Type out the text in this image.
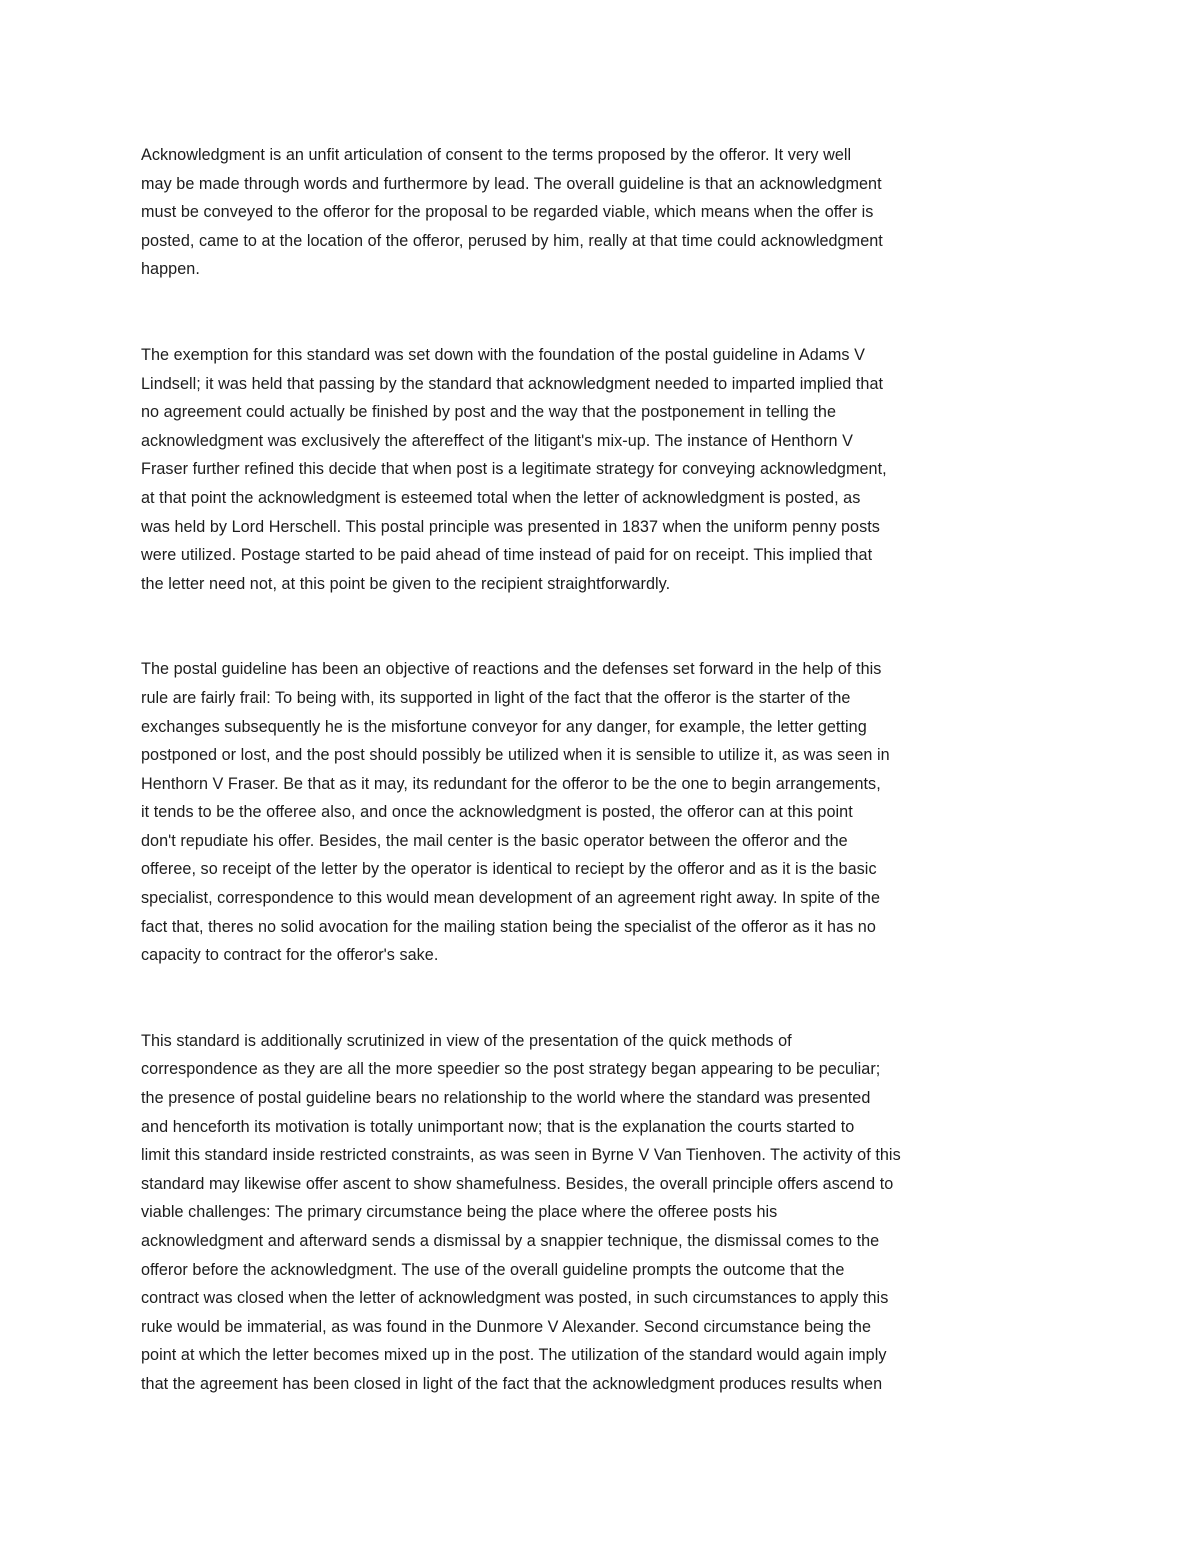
Acknowledgment is an unfit articulation of consent to the terms proposed by the offeror. It very well
may be made through words and furthermore by lead. The overall guideline is that an acknowledgment
must be conveyed to the offeror for the proposal to be regarded viable, which means when the offer is
posted, came to at the location of the offeror, perused by him, really at that time could acknowledgment
happen.

The exemption for this standard was set down with the foundation of the postal guideline in Adams V
Lindsell; it was held that passing by the standard that acknowledgment needed to imparted implied that
no agreement could actually be finished by post and the way that the postponement in telling the
acknowledgment was exclusively the aftereffect of the litigant's mix-up. The instance of Henthorn V
Fraser further refined this decide that when post is a legitimate strategy for conveying acknowledgment,
at that point the acknowledgment is esteemed total when the letter of acknowledgment is posted, as
was held by Lord Herschell. This postal principle was presented in 1837 when the uniform penny posts
were utilized. Postage started to be paid ahead of time instead of paid for on receipt. This implied that
the letter need not, at this point be given to the recipient straightforwardly.

The postal guideline has been an objective of reactions and the defenses set forward in the help of this
rule are fairly frail: To being with, its supported in light of the fact that the offeror is the starter of the
exchanges subsequently he is the misfortune conveyor for any danger, for example, the letter getting
postponed or lost, and the post should possibly be utilized when it is sensible to utilize it, as was seen in
Henthorn V Fraser. Be that as it may, its redundant for the offeror to be the one to begin arrangements,
it tends to be the offeree also, and once the acknowledgment is posted, the offeror can at this point
don't repudiate his offer. Besides, the mail center is the basic operator between the offeror and the
offeree, so receipt of the letter by the operator is identical to reciept by the offeror and as it is the basic
specialist, correspondence to this would mean development of an agreement right away. In spite of the
fact that, theres no solid avocation for the mailing station being the specialist of the offeror as it has no
capacity to contract for the offeror's sake.

This standard is additionally scrutinized in view of the presentation of the quick methods of
correspondence as they are all the more speedier so the post strategy began appearing to be peculiar;
the presence of postal guideline bears no relationship to the world where the standard was presented
and henceforth its motivation is totally unimportant now; that is the explanation the courts started to
limit this standard inside restricted constraints, as was seen in Byrne V Van Tienhoven. The activity of this
standard may likewise offer ascent to show shamefulness. Besides, the overall principle offers ascend to
viable challenges: The primary circumstance being the place where the offeree posts his
acknowledgment and afterward sends a dismissal by a snappier technique, the dismissal comes to the
offeror before the acknowledgment. The use of the overall guideline prompts the outcome that the
contract was closed when the letter of acknowledgment was posted, in such circumstances to apply this
ruke would be immaterial, as was found in the Dunmore V Alexander. Second circumstance being the
point at which the letter becomes mixed up in the post. The utilization of the standard would again imply
that the agreement has been closed in light of the fact that the acknowledgment produces results when
